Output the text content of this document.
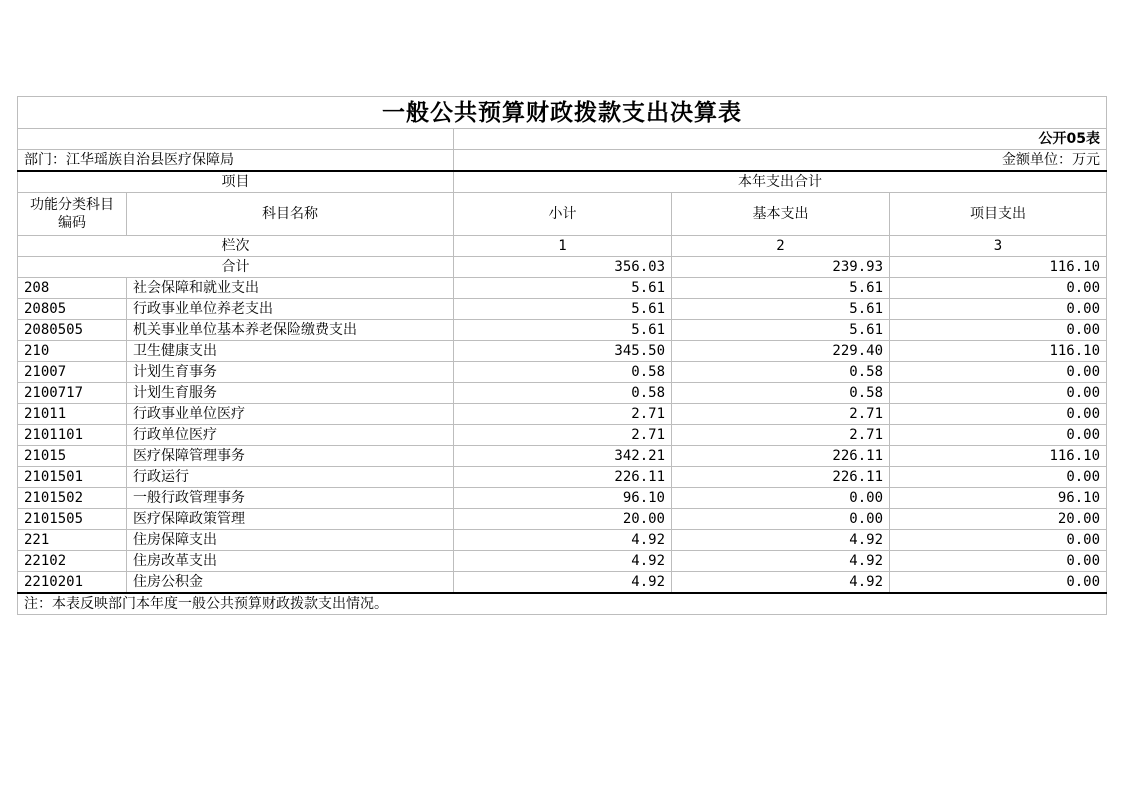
一般公共预算财政拨款支出决算表				
		公开05表		
部门：江华瑶族自治县医疗保障局		金额单位：万元		
项目		本年支出合计		
功能分类科目编码	科目名称	小计	基本支出	项目支出
栏次		1	2	3
合计		356.03	239.93	116.10
208	社会保障和就业支出	5.61	5.61	0.00
20805	行政事业单位养老支出	5.61	5.61	0.00
2080505	机关事业单位基本养老保险缴费支出	5.61	5.61	0.00
210	卫生健康支出	345.50	229.40	116.10
21007	计划生育事务	0.58	0.58	0.00
2100717	计划生育服务	0.58	0.58	0.00
21011	行政事业单位医疗	2.71	2.71	0.00
2101101	行政单位医疗	2.71	2.71	0.00
21015	医疗保障管理事务	342.21	226.11	116.10
2101501	行政运行	226.11	226.11	0.00
2101502	一般行政管理事务	96.10	0.00	96.10
2101505	医疗保障政策管理	20.00	0.00	20.00
221	住房保障支出	4.92	4.92	0.00
22102	住房改革支出	4.92	4.92	0.00
2210201	住房公积金	4.92	4.92	0.00
注：本表反映部门本年度一般公共预算财政拨款支出情况。				
